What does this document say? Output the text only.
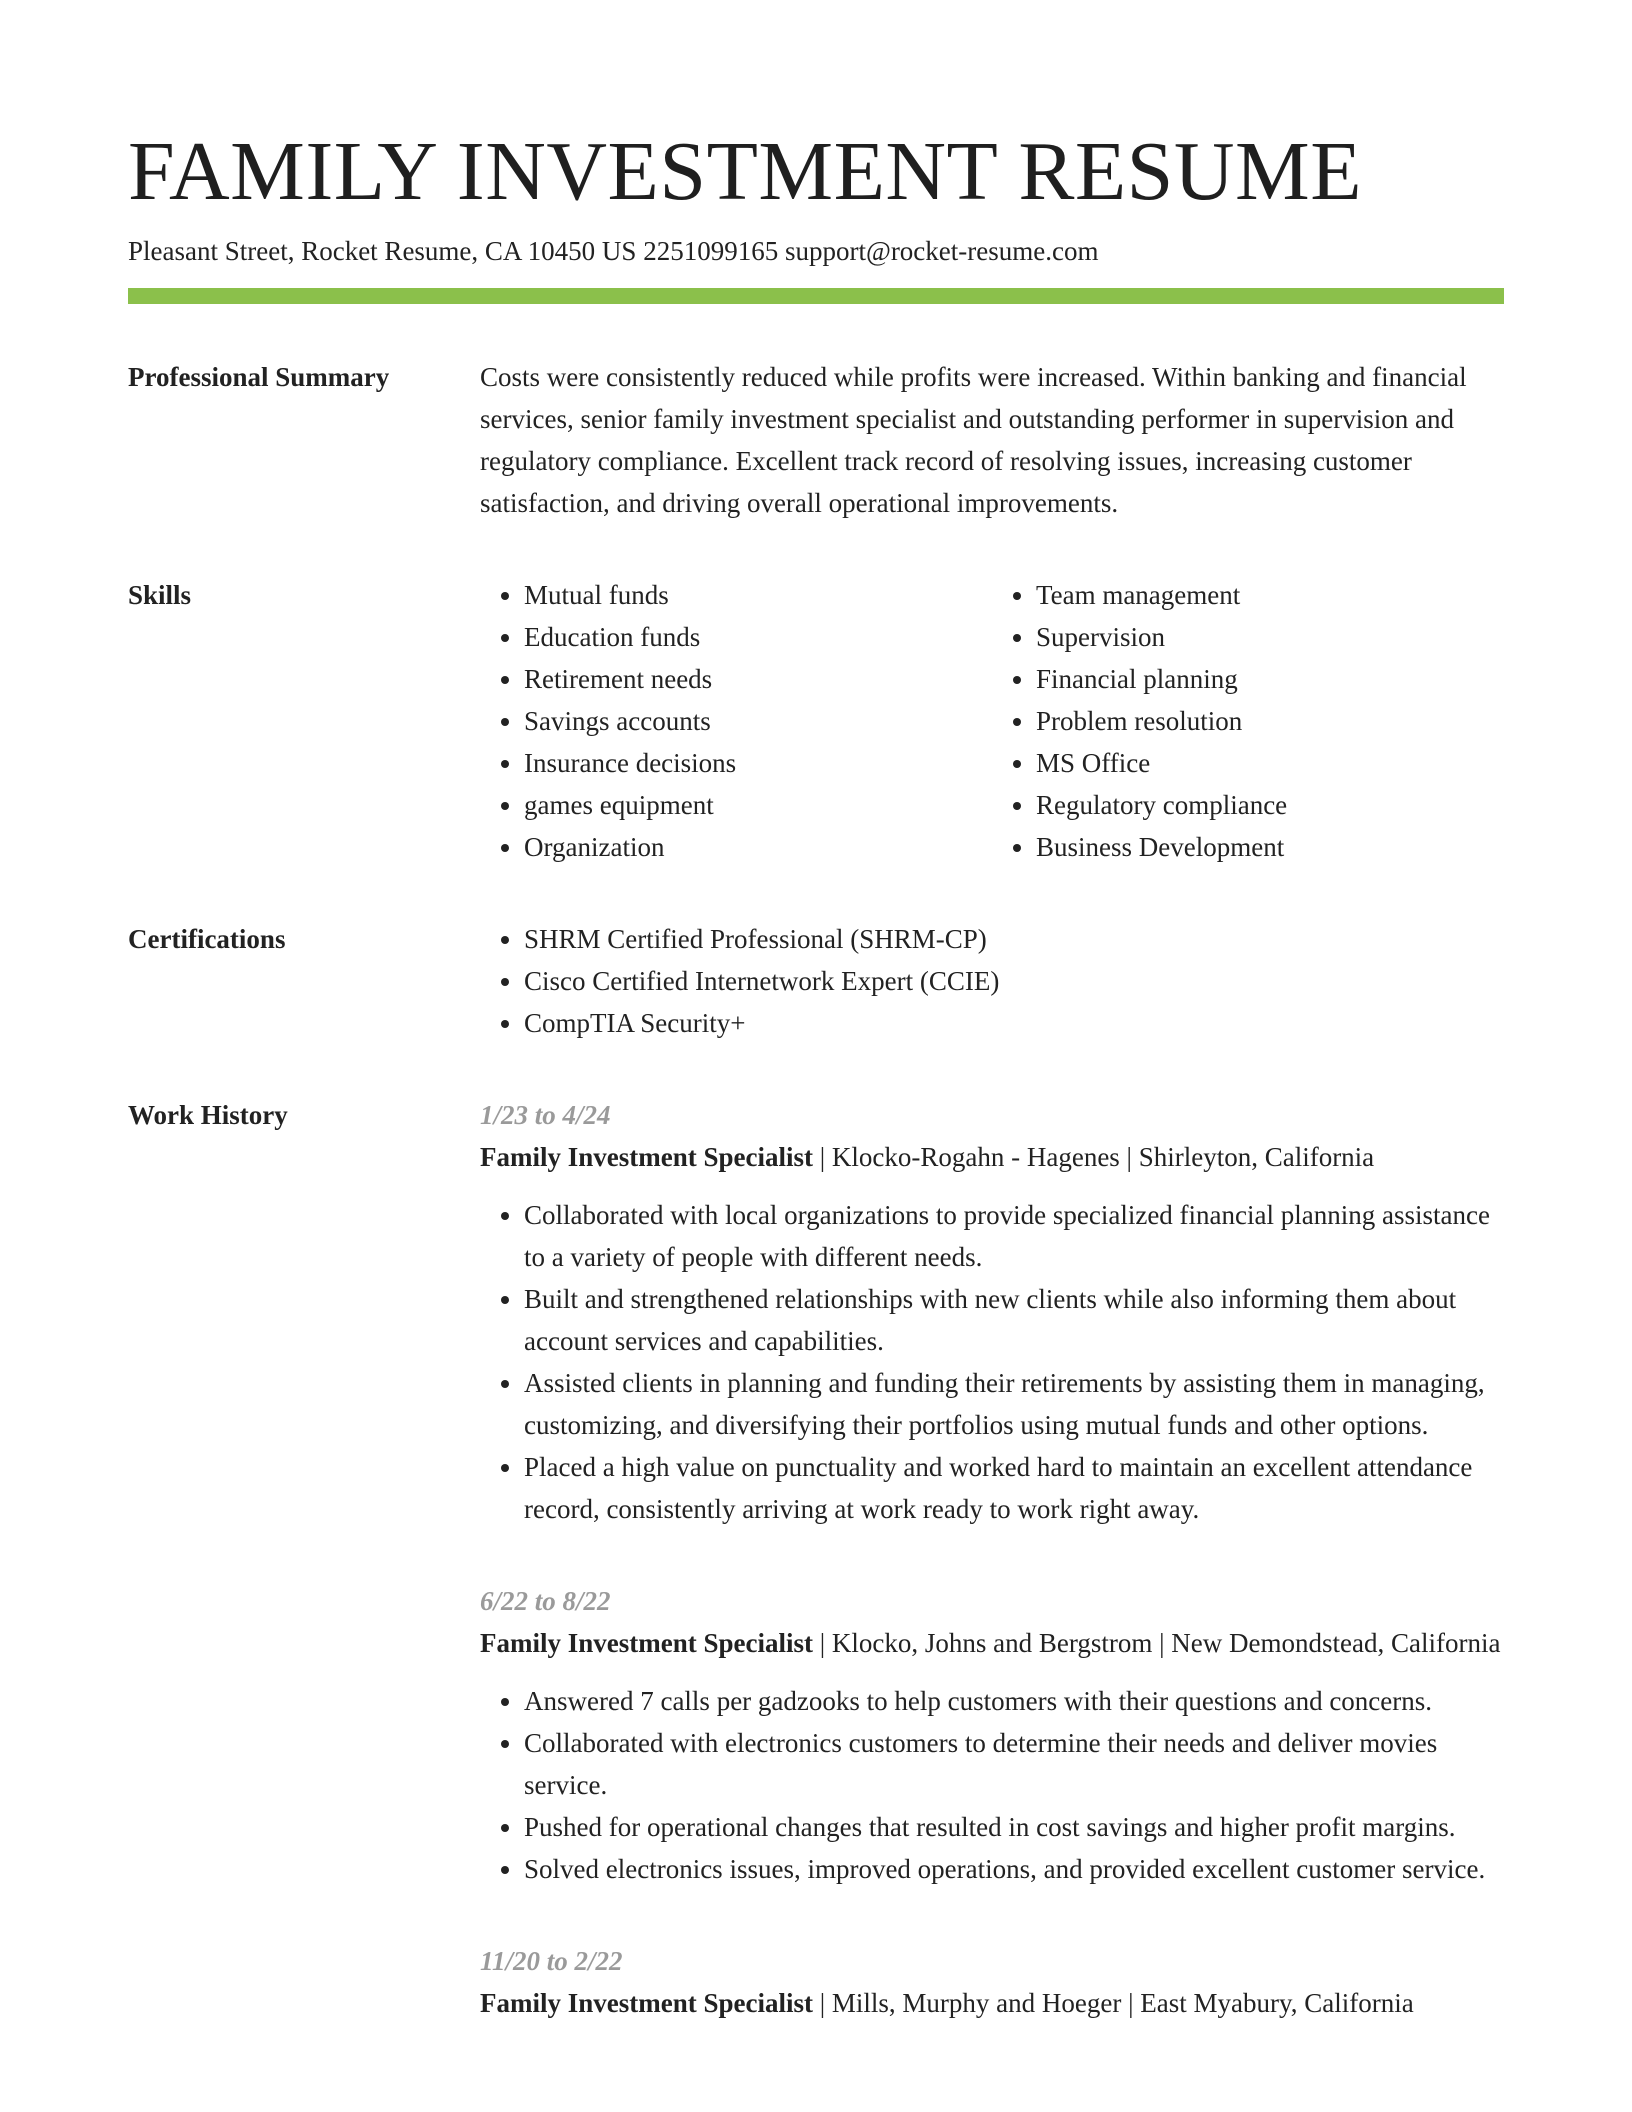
FAMILY INVESTMENT RESUME
Pleasant Street, Rocket Resume, CA 10450 US 2251099165 support@rocket-resume.com
Professional Summary	Costs were consistently reduced while profits were increased. Within banking and financial services, senior family investment specialist and outstanding performer in supervision and regulatory compliance. Excellent track record of resolving issues, increasing customer satisfaction, and driving overall operational improvements.

Skills	• Mutual funds
• Education funds
• Retirement needs
• Savings accounts
• Insurance decisions
• games equipment
• Organization
• Team management
• Supervision
• Financial planning
• Problem resolution
• MS Office
• Regulatory compliance
• Business Development
Certifications	• SHRM Certified Professional (SHRM-CP)
• Cisco Certified Internetwork Expert (CCIE)
• CompTIA Security+
Work History	1/23 to 4/24
Family Investment Specialist | Klocko-Rogahn - Hagenes | Shirleyton, California
• Collaborated with local organizations to provide specialized financial planning assistance to a variety of people with different needs.
• Built and strengthened relationships with new clients while also informing them about account services and capabilities.
• Assisted clients in planning and funding their retirements by assisting them in managing, customizing, and diversifying their portfolios using mutual funds and other options.
• Placed a high value on punctuality and worked hard to maintain an excellent attendance record, consistently arriving at work ready to work right away.
6/22 to 8/22
Family Investment Specialist | Klocko, Johns and Bergstrom | New Demondstead, California
• Answered 7 calls per gadzooks to help customers with their questions and concerns.
• Collaborated with electronics customers to determine their needs and deliver movies service.
• Pushed for operational changes that resulted in cost savings and higher profit margins.
• Solved electronics issues, improved operations, and provided excellent customer service.
11/20 to 2/22
Family Investment Specialist | Mills, Murphy and Hoeger | East Myabury, California
